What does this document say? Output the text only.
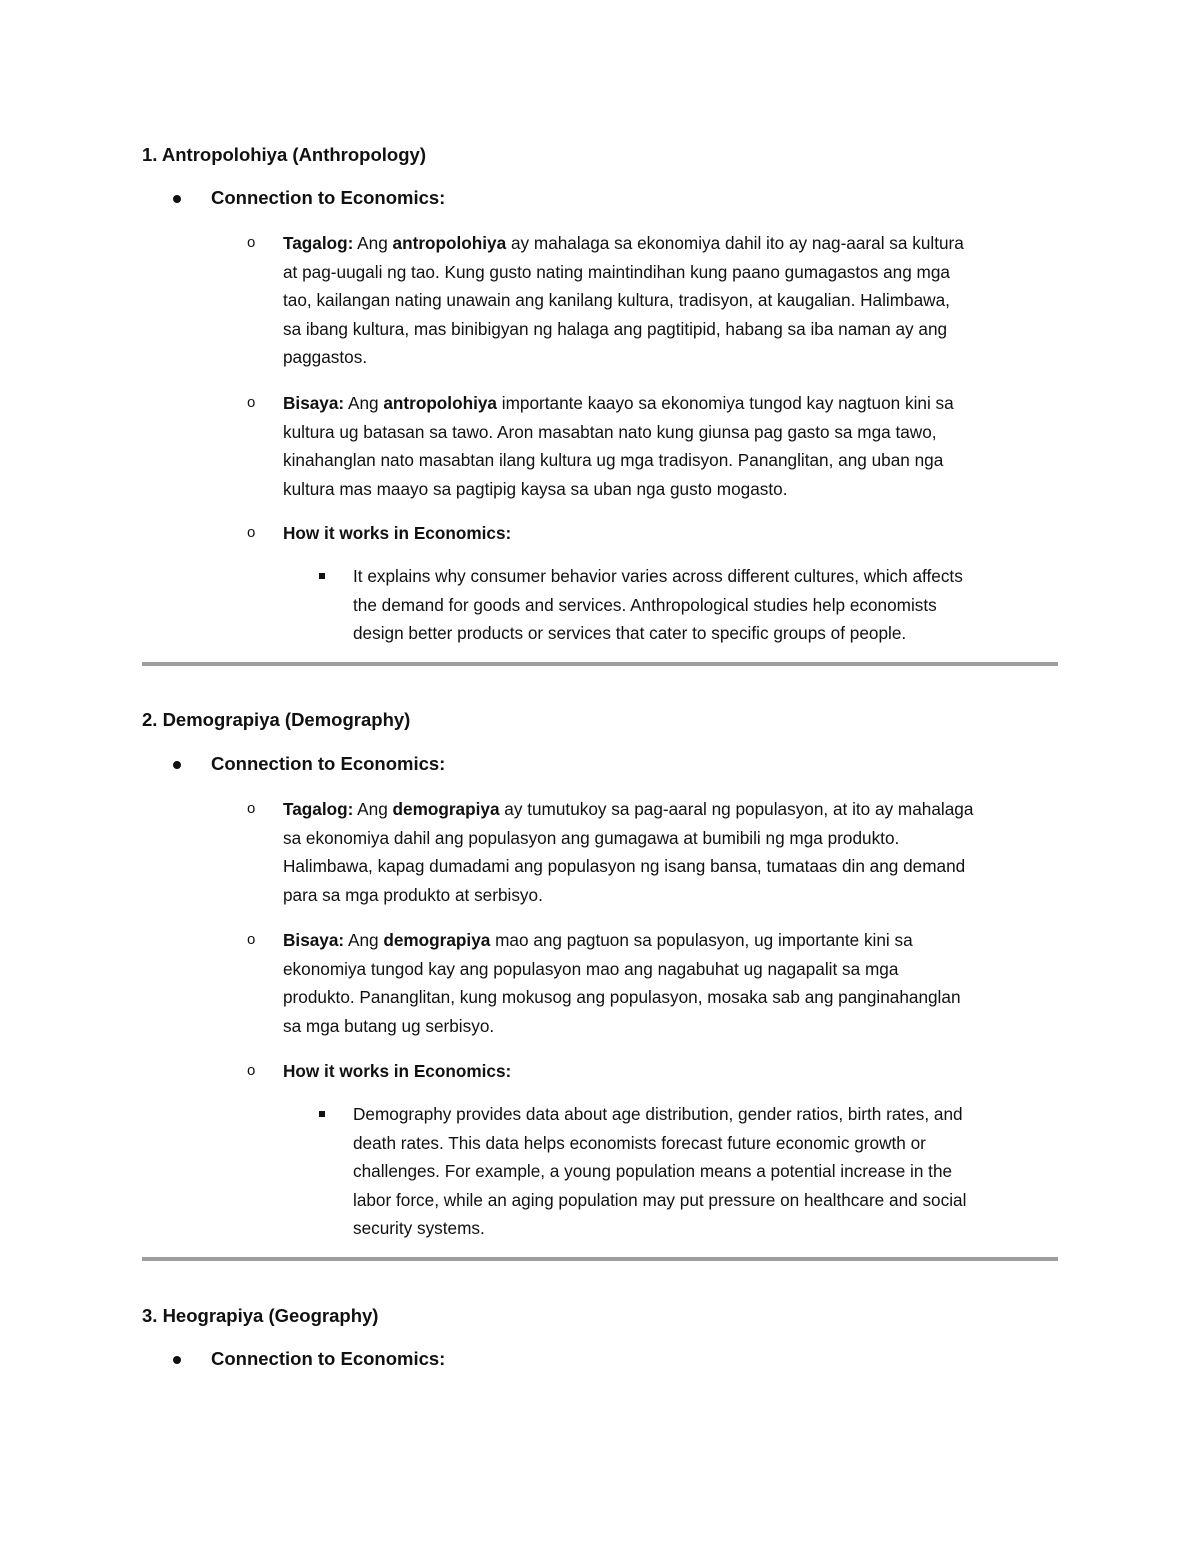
1. Antropolohiya (Anthropology)
Connection to Economics:
o Tagalog: Ang antropolohiya ay mahalaga sa ekonomiya dahil ito ay nag-aaral sa kultura
at pag-uugali ng tao. Kung gusto nating maintindihan kung paano gumagastos ang mga
tao, kailangan nating unawain ang kanilang kultura, tradisyon, at kaugalian. Halimbawa,
sa ibang kultura, mas binibigyan ng halaga ang pagtitipid, habang sa iba naman ay ang
paggastos.
o Bisaya: Ang antropolohiya importante kaayo sa ekonomiya tungod kay nagtuon kini sa
kultura ug batasan sa tawo. Aron masabtan nato kung giunsa pag gasto sa mga tawo,
kinahanglan nato masabtan ilang kultura ug mga tradisyon. Pananglitan, ang uban nga
kultura mas maayo sa pagtipig kaysa sa uban nga gusto mogasto.
o How it works in Economics:
It explains why consumer behavior varies across different cultures, which affects
the demand for goods and services. Anthropological studies help economists
design better products or services that cater to specific groups of people.
2. Demograpiya (Demography)
Connection to Economics:
o Tagalog: Ang demograpiya ay tumutukoy sa pag-aaral ng populasyon, at ito ay mahalaga
sa ekonomiya dahil ang populasyon ang gumagawa at bumibili ng mga produkto.
Halimbawa, kapag dumadami ang populasyon ng isang bansa, tumataas din ang demand
para sa mga produkto at serbisyo.
o Bisaya: Ang demograpiya mao ang pagtuon sa populasyon, ug importante kini sa
ekonomiya tungod kay ang populasyon mao ang nagabuhat ug nagapalit sa mga
produkto. Pananglitan, kung mokusog ang populasyon, mosaka sab ang panginahanglan
sa mga butang ug serbisyo.
o How it works in Economics:
Demography provides data about age distribution, gender ratios, birth rates, and
death rates. This data helps economists forecast future economic growth or
challenges. For example, a young population means a potential increase in the
labor force, while an aging population may put pressure on healthcare and social
security systems.
3. Heograpiya (Geography)
Connection to Economics:
